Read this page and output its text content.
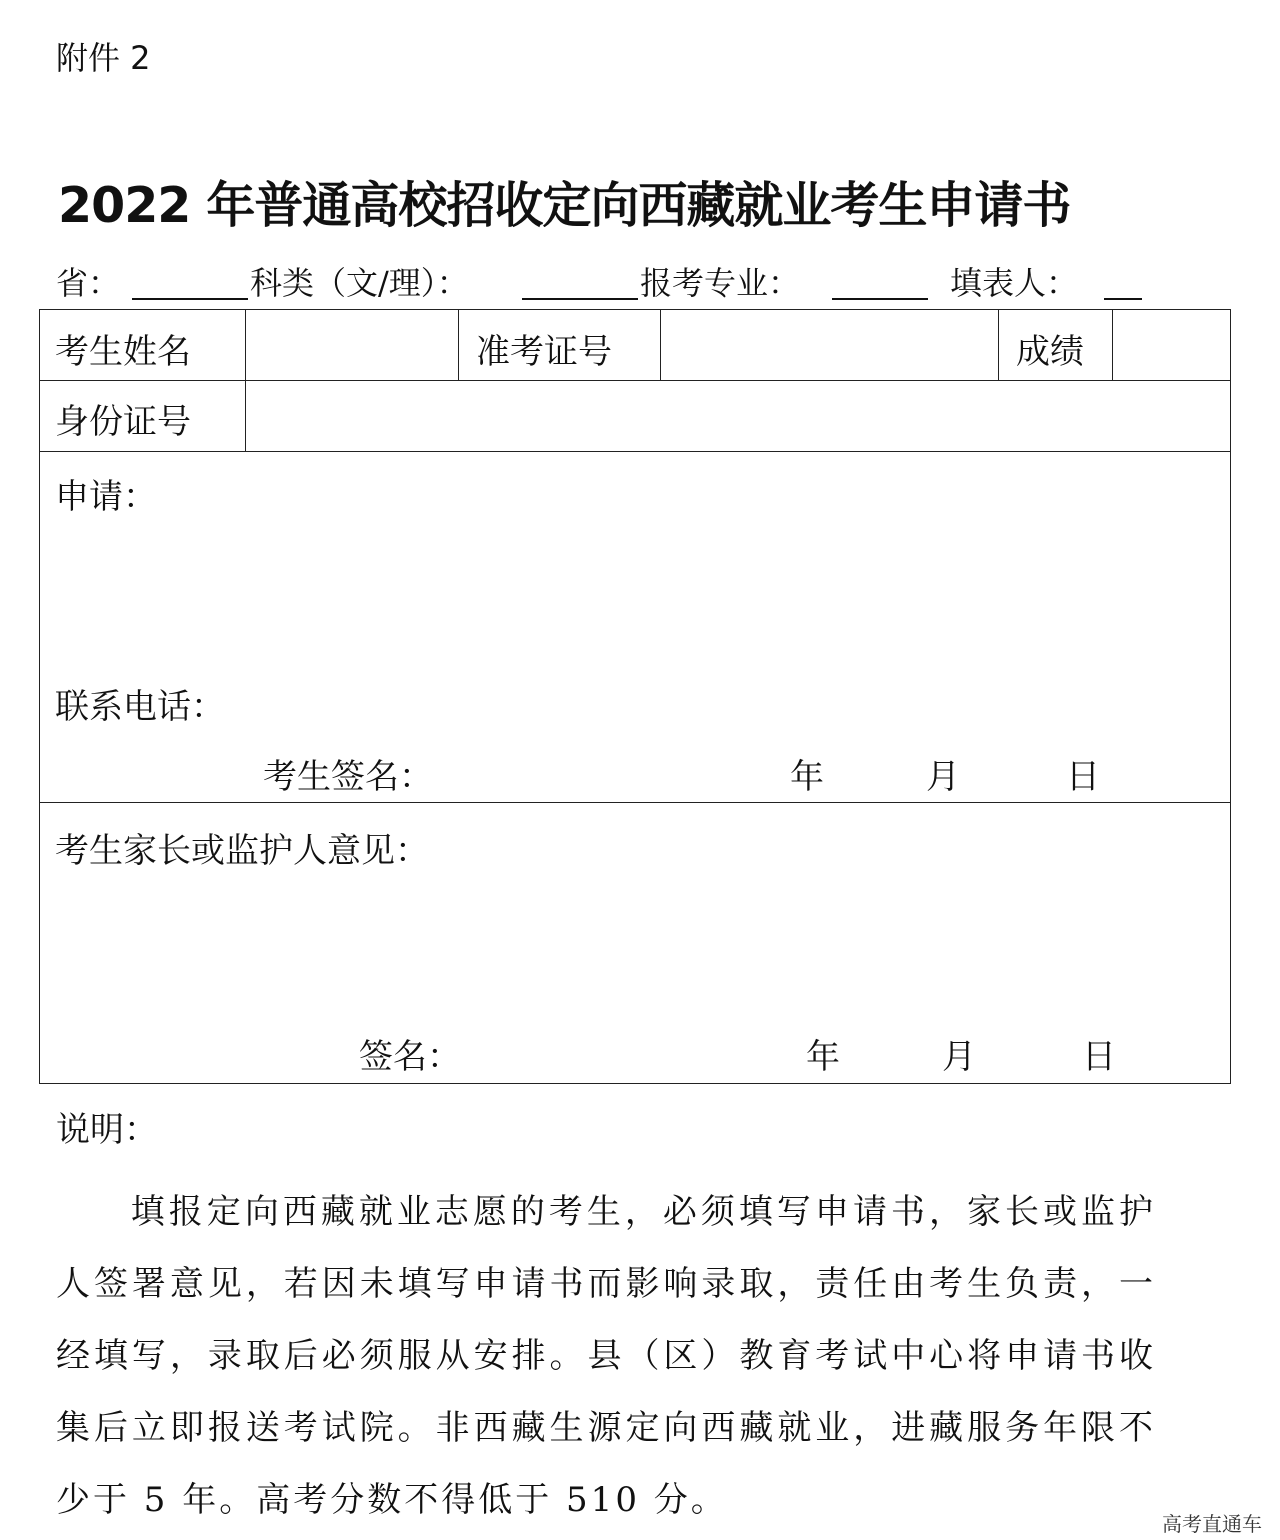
附件 2
2022 年普通高校招收定向西藏就业考生申请书
省：	科类（文/理）：	报考专业：	填表人：
考生姓名	准考证号	成绩
身份证号
申请：
联系电话：
考生签名：	年	月	日
考生家长或监护人意见：
签名：	年	月	日
说明：

填报定向西藏就业志愿的考生，必须填写申请书，家长或监护人签署意见，若因未填写申请书而影响录取，责任由考生负责，一经填写，录取后必须服从安排。县（区）教育考试中心将申请书收集后立即报送考试院。非西藏生源定向西藏就业，进藏服务年限不少于 5 年。高考分数不得低于 510 分。

高考直通车
